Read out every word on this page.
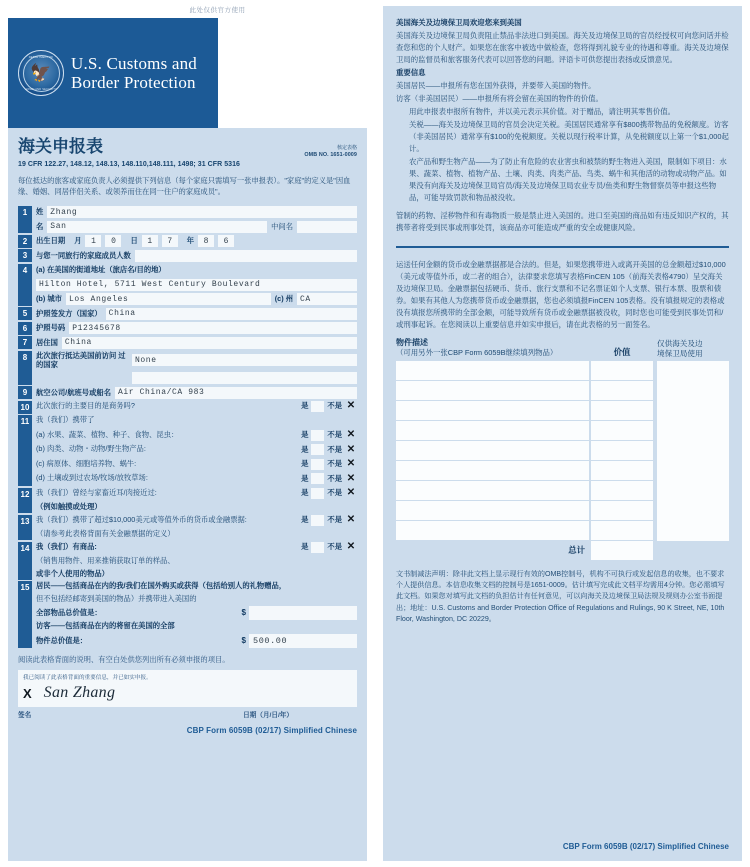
此处仅供官方使用
DEPARTMENT OF
🦅
HOMELAND SECURITY
U.S. Customs and
Border Protection
海关申报表	核定表格
OMB NO. 1651-0009
19 CFR 122.27, 148.12, 148.13, 148.110,148.111, 1498; 31 CFR 5316
每位抵达的旅客或家庭负责人必须提供下列信息（每个家庭只需填写一张申报表）。"家庭"的定义是"因血缘、婚姻、同居伴侣关系、或领养而住在同一住户的家庭成员"。
1	姓 Zhang
名 San	中间名
2	出生日期 月	1	0	日	1	7	年	8	6
3	与您一同旅行的家庭成员人数
4	(a) 在美国的街道地址（旅店名/目的地）
Hilton Hotel, 5711 West Century Boulevard
(b) 城市 Los Angeles	(c) 州 CA
5	护照签发方（国家） China
6	护照号码 P12345678
7	居住国 China
8	此次旅行抵达美国前访问 过的国家	None
9	航空公司/航班号或船名 Air China/CA 983
10 此次旅行的主要目的是商务吗?	是	不是 ✕
11 我（我们）携带了
(a) 水果、蔬菜、植物、种子、食物、昆虫：	是	不是 ✕
(b) 肉类、动物・动物/野生物产品:	是	不是 ✕
(c) 病原体、细胞培养物、蜗牛:	是	不是 ✕
(d) 土壤或到过农场/牧场/放牧草场:	是	不是 ✕
12 我（我们）曾经与家畜近耳/肉接近过:	是	不是 ✕
（例如触摸或处理）
13 我（我们）携带了超过$10,000美元或等值外币的货币或金融票据:	是	不是 ✕
（请参考此表格背面有关金融票据的定义）
14 我（我们）有商品:	是	不是 ✕
（销售用物件、用来推销获取订单的样品、
或非个人使用的物品）
15 居民——包括商品在内的我/我们在国外购买或获得（包括给别人的礼物赠品，
但不包括经邮寄到美国的物品）并携带进入美国的
全部物品总价值是：	$
访客——包括商品在内的将留在美国的全部
物件总价值是：	$ 500.00
阅读此表格背面的说明、有空白处供您列出所有必须申报的项目。
我已阅读了此表格背面的重要信息，并已如实申报。
X San Zhang
签名	日期（月/日/年）
CBP Form 6059B (02/17) Simplified Chinese

美国海关及边境保卫局欢迎您来到美国

美国海关及边境保卫局负责阻止禁品非法进口到美国。海关及边境保卫局的官员经授权可向您问话并检查您和您的个人财产。如果您在旅客中被选中做检查，您将得到礼貌专业的待遇和尊重。海关及边境保卫局的监督员和旅客服务代表可以回答您的问题。评语卡可供您提出表扬或反馈意见。

重要信息

美国居民——申报所有您在国外获得，并要带入美国的物件。

访客（非美国居民）——申报所有将会留在美国的物件的价值。

用此申报表申报所有物件，并以美元表示其价值。对于赠品，请注明其零售价值。

关税——海关及边境保卫局的官员会决定关税。美国居民通常享有$800携带物品的免税额度。访客（非美国居民）通常享有$100的免税额度。关税以现行税率计算，从免税额度以上第一个$1,000起计。

农产品和野生物产品——为了防止有危险的农业害虫和被禁的野生物进入美国，限制如下项目：水果、蔬菜、植物、植物产品、土壤、肉类、肉类产品、鸟类、蜗牛和其他活的动物或动物产品。如果没有向海关及边境保卫局官员/海关及边境保卫局农业专员/鱼类和野生物督察员等申报这些物品，可能导致罚款和物品被没收。

管制的药物、淫秽物件和有毒物质一般是禁止进入美国的。进口至美国的商品如有违反知识产权的，其携带者将受到民事或刑事处罚，该商品亦可能造成严重的安全或健康风险。

运送任何金额的货币或金融票据都是合法的。但是，如果您携带进入或离开美国的总金额超过$10,000（美元或等值外币，或二者的组合），法律要求您填写表格FinCEN 105（前海关表格4790）呈交海关及边境保卫局。金融票据包括硬币、货币、旅行支票和不记名票证如个人支票、银行本票、股票和债券。如果有其他人为您携带货币或金融票据，您也必须填报FinCEN 105表格。没有填报规定的表格或没有填报您所携带的全部金额，可能导致所有货币或金融票据被没收，同时您也可能受到民事处罚和/或刑事起诉。在您阅读以上重要信息并如实申报后，请在此表格的另一面签名。

物件描述
（可用另外一张CBP Form 6059B继续填列物品）	价值
仅供海关及边
境保卫局使用
总计
文书制减法声明：除非此文档上显示现行有效的OMB控制号，机构不可执行或发起信息的收集，也不要求个人提供信息。本信息收集文档的控制号是1651-0009。估计填写完成此文档平均需用4分钟。您必需填写此文档。如果您对填写此文档的负担估计有任何意见，可以向海关及边境保卫局法规及规则办公室书面提出；地址：U.S. Customs and Border Protection Office of Regulations and Rulings, 90 K Street, NE, 10th Floor, Washington, DC 20229。
CBP Form 6059B (02/17) Simplified Chinese
